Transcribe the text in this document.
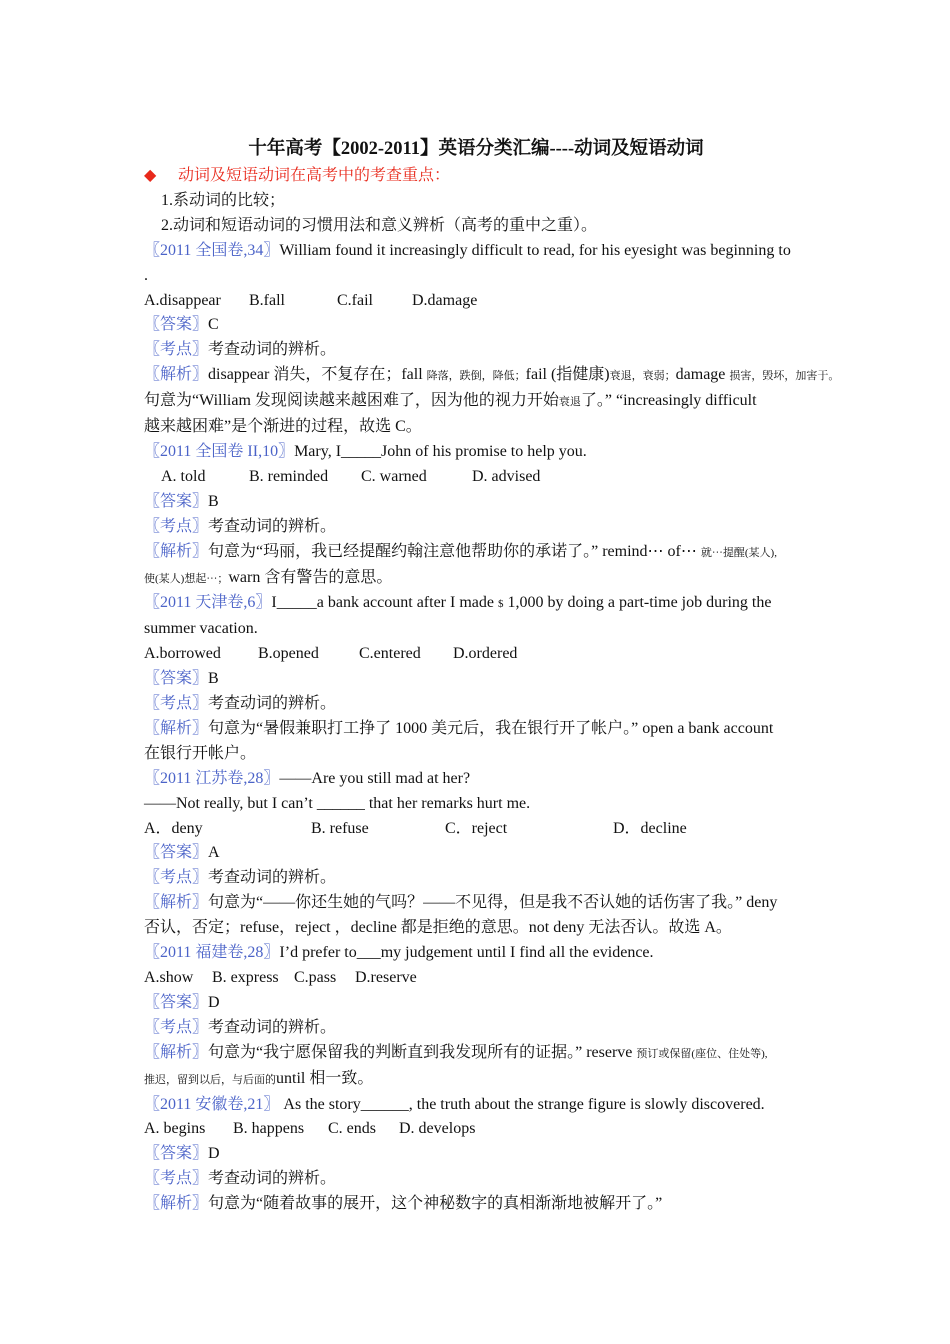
十年高考【2002-2011】英语分类汇编----动词及短语动词
◆ 动词及短语动词在高考中的考查重点：
1.系动词的比较；
2.动词和短语动词的习惯用法和意义辨析（高考的重中之重）。
〖2011 全国卷,34〗William found it increasingly difficult to read, for his eyesight was beginning to
.
A.disappear B.fall	C.fail D.damage
〖答案〗C
〖考点〗考查动词的辨析。
〖解析〗disappear 消失，不复存在；fall 降落，跌倒，降低；fail (指健康)衰退，衰弱；damage 损害，毁坏，加害于。
句意为“William 发现阅读越来越困难了，因为他的视力开始衰退了。” “increasingly difficult
越来越困难”是个渐进的过程，故选 C。
〖2011 全国卷 II,10〗Mary, I_____John of his promise to help you.
A. told	B. reminded C. warned	D. advised
〖答案〗B
〖考点〗考查动词的辨析。
〖解析〗句意为“玛丽，我已经提醒约翰注意他帮助你的承诺了。” remind⋯ of⋯ 就⋯提醒(某人),
使(某人)想起⋯；warn 含有警告的意思。
〖2011 天津卷,6〗I_____a bank account after I made $ 1,000 by doing a part-time job during the
summer vacation.
A.borrowed B.opened	C.entered D.ordered
〖答案〗B
〖考点〗考查动词的辨析。
〖解析〗句意为“暑假兼职打工挣了 1000 美元后，我在银行开了帐户。” open a bank account
在银行开帐户。
〖2011 江苏卷,28〗——Are you still mad at her?
——Not really, but I can’t ______ that her remarks hurt me.
A．deny	B. refuse	C．reject	D．decline
〖答案〗A
〖考点〗考查动词的辨析。
〖解析〗句意为“——你还生她的气吗？——不见得，但是我不否认她的话伤害了我。” deny
否认，否定；refuse，reject ，decline 都是拒绝的意思。not deny 无法否认。故选 A。
〖2011 福建卷,28〗I’d prefer to___my judgement until I find all the evidence.
A.show B. express C.pass D.reserve
〖答案〗D
〖考点〗考查动词的辨析。
〖解析〗句意为“我宁愿保留我的判断直到我发现所有的证据。” reserve 预订或保留(座位、住处等),
推迟，留到以后，与后面的until 相一致。
〖2011 安徽卷,21〗 As the story______, the truth about the strange figure is slowly discovered.
A. begins B. happens C. ends D. develops
〖答案〗D
〖考点〗考查动词的辨析。
〖解析〗句意为“随着故事的展开，这个神秘数字的真相渐渐地被解开了。”
